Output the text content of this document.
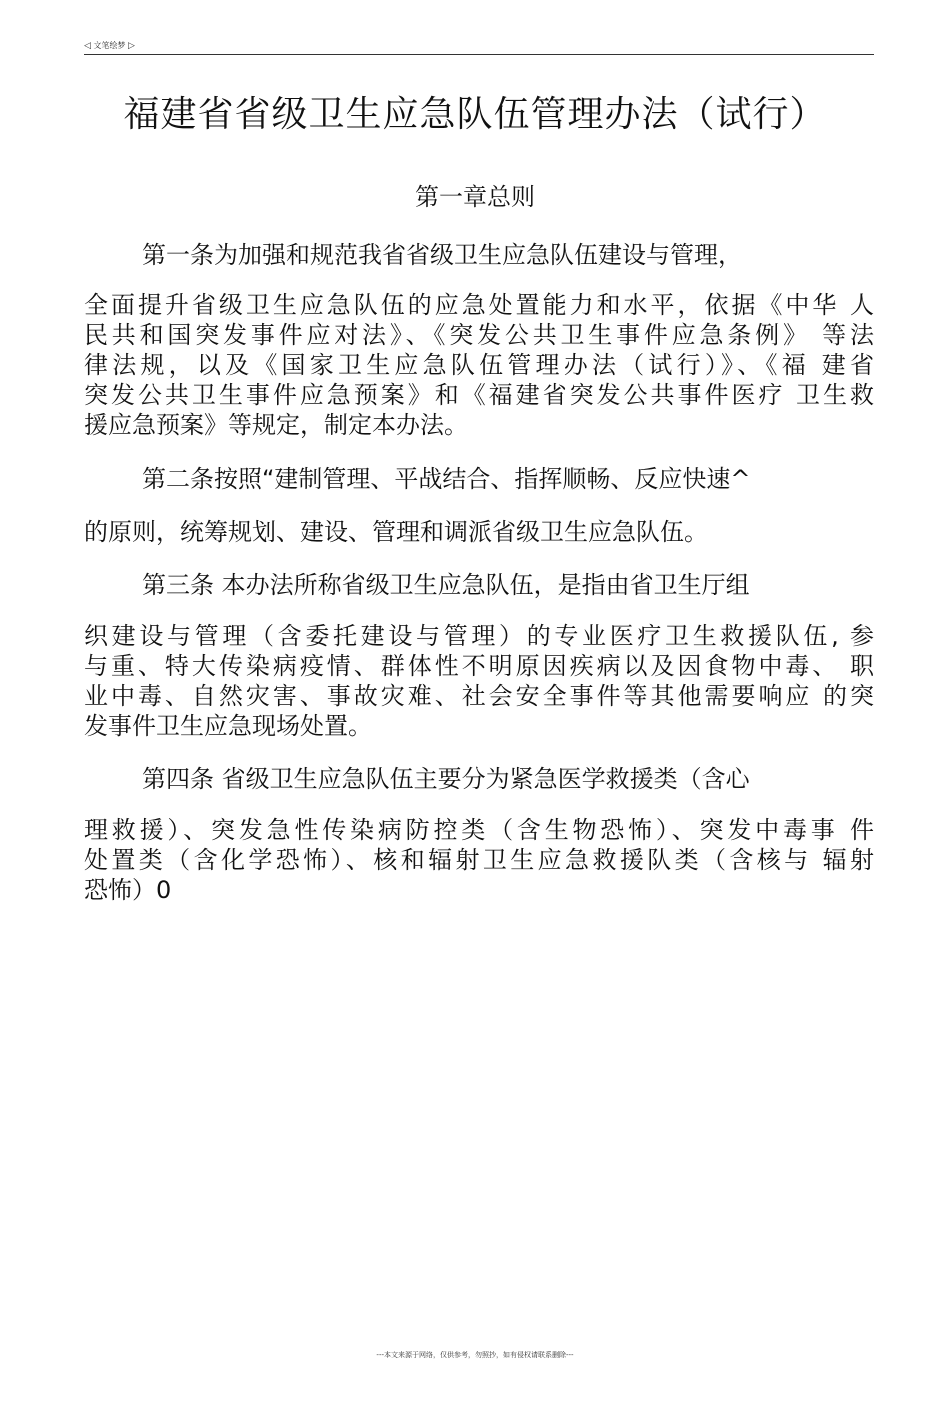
◁ 文笔绘梦 ▷
福建省省级卫生应急队伍管理办法（试行）
第一章总则
第一条为加强和规范我省省级卫生应急队伍建设与管理，
全面提升省级卫生应急队伍的应急处置能力和水平，依据《中华 人
民共和国突发事件应对法》、《突发公共卫生事件应急条例》 等法
律法规，以及《国家卫生应急队伍管理办法（试行）》、《福 建省
突发公共卫生事件应急预案》和《福建省突发公共事件医疗 卫生救
援应急预案》等规定，制定本办法。
第二条按照“建制管理、平战结合、指挥顺畅、反应快速^
的原则，统筹规划、建设、管理和调派省级卫生应急队伍。
第三条 本办法所称省级卫生应急队伍，是指由省卫生厅组
织建设与管理（含委托建设与管理）的专业医疗卫生救援队伍, 参
与重、特大传染病疫情、群体性不明原因疾病以及因食物中毒、 职
业中毒、自然灾害、事故灾难、社会安全事件等其他需要响应 的突
发事件卫生应急现场处置。
第四条 省级卫生应急队伍主要分为紧急医学救援类（含心
理救援）、突发急性传染病防控类（含生物恐怖）、突发中毒事 件
处置类（含化学恐怖）、核和辐射卫生应急救援队类（含核与 辐射
恐怖）0
---本文来源于网络，仅供参考，勿照抄，如有侵权请联系删除---
